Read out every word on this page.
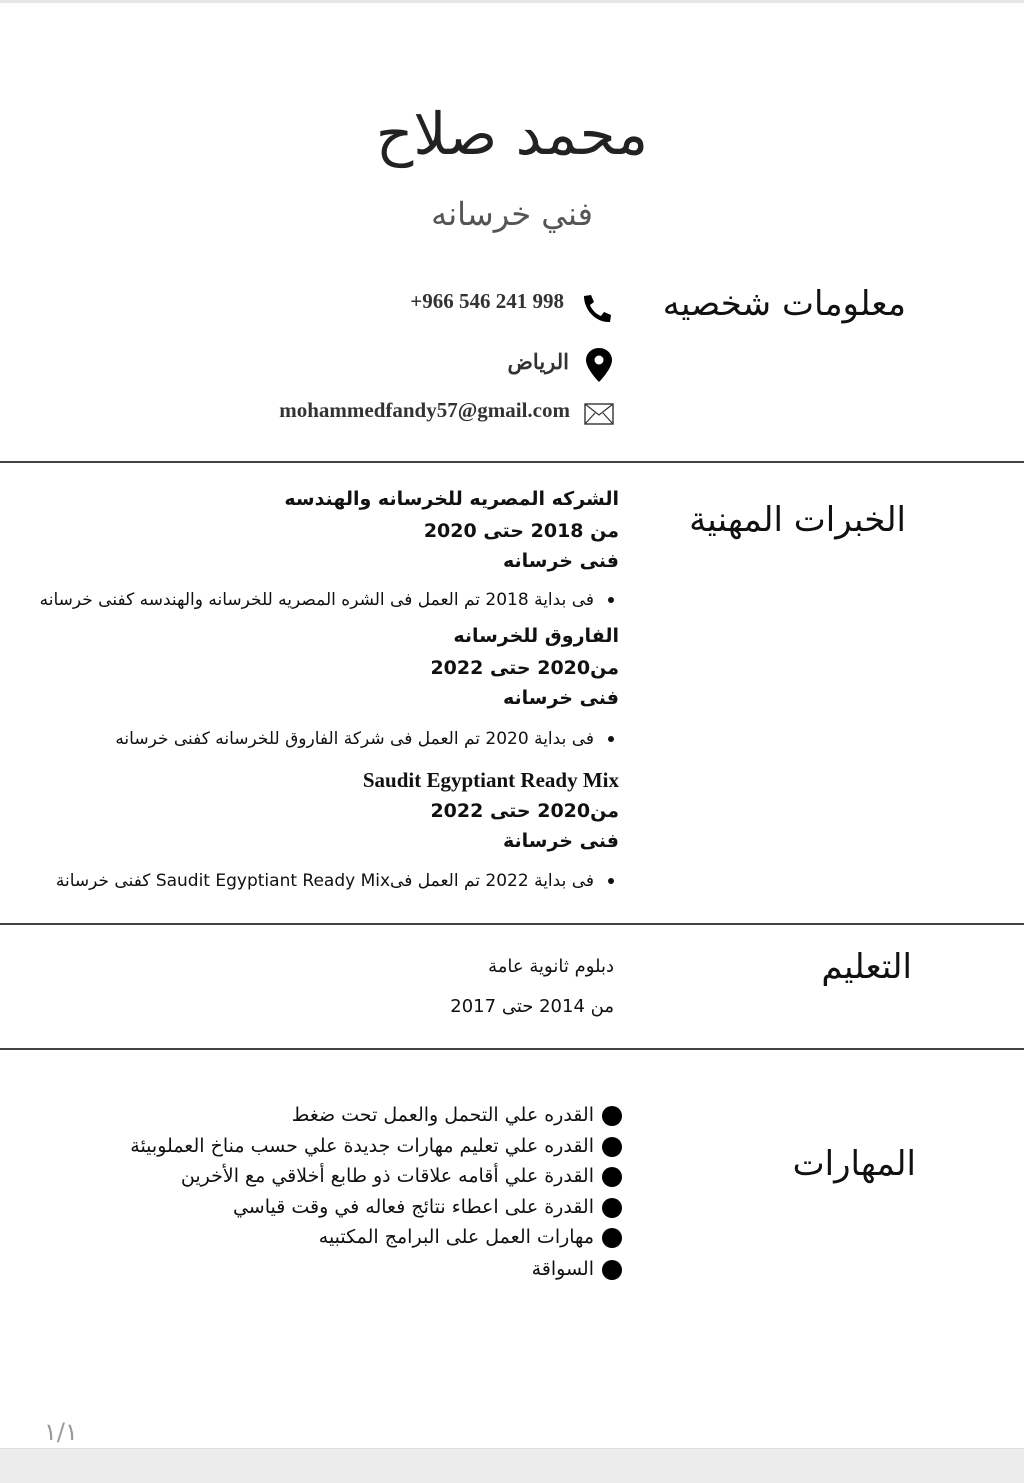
محمد صلاح
فني خرسانه
معلومات شخصيه
+966 546 241 998
الرياض
mohammedfandy57@gmail.com
الخبرات المهنية
الشركه المصريه للخرسانه والهندسه
من 2018 حتى 2020
فنى خرسانه
فى بداية 2018 تم العمل فى الشره المصريه للخرسانه والهندسه كفنى خرسانه
الفاروق للخرسانه
من2020 حتى 2022
فنى خرسانه
فى بداية 2020 تم العمل فى شركة الفاروق للخرسانه كفنى خرسانه
Saudit Egyptiant Ready Mix
من2020 حتى 2022
فنى خرسانة
فى بداية 2022 تم العمل فىSaudit Egyptiant Ready Mix كفنى خرسانة
التعليم
دبلوم ثانوية عامة
من 2014 حتى 2017
المهارات
القدره علي التحمل والعمل تحت ضغط
القدره علي تعليم مهارات جديدة علي حسب مناخ العملوبيئة
القدرة علي أقامه علاقات ذو طابع أخلاقي مع الأخرين
القدرة على اعطاء نتائج فعاله في وقت قياسي
مهارات العمل على البرامج المكتبيه
السواقة
١/١
